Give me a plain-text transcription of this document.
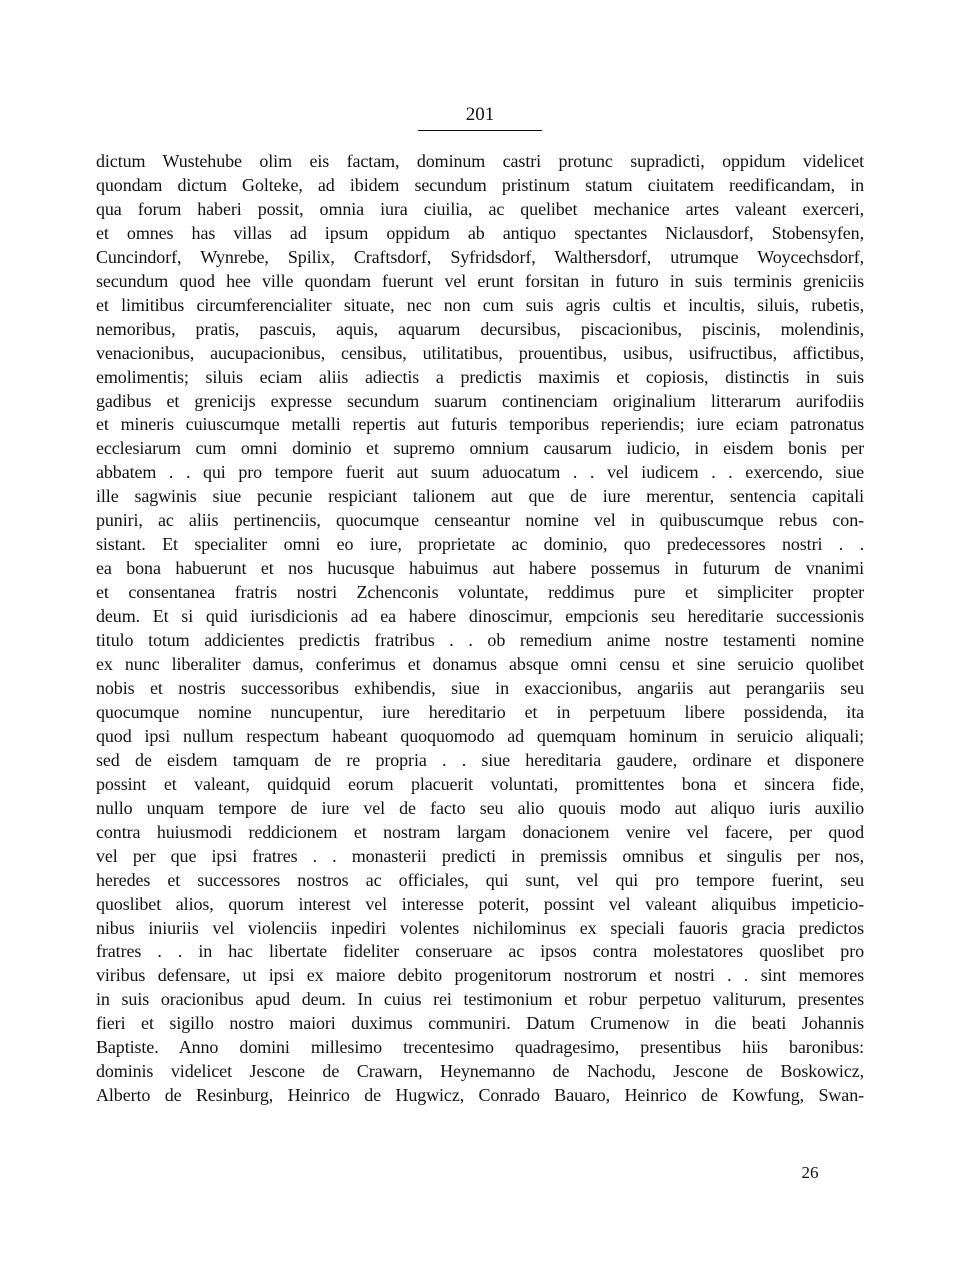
201
dictum Wustehube olim eis factam, dominum castri protunc supradicti, oppidum videlicet
quondam dictum Golteke, ad ibidem secundum pristinum statum ciuitatem reedificandam, in
qua forum haberi possit, omnia iura ciuilia, ac quelibet mechanice artes valeant exerceri,
et omnes has villas ad ipsum oppidum ab antiquo spectantes Niclausdorf, Stobensyfen,
Cuncindorf, Wynrebe, Spilix, Craftsdorf, Syfridsdorf, Walthersdorf, utrumque Woycechsdorf,
secundum quod hee ville quondam fuerunt vel erunt forsitan in futuro in suis terminis greniciis
et limitibus circumferencialiter situate, nec non cum suis agris cultis et incultis, siluis, rubetis,
nemoribus, pratis, pascuis, aquis, aquarum decursibus, piscacionibus, piscinis, molendinis,
venacionibus, aucupacionibus, censibus, utilitatibus, prouentibus, usibus, usifructibus, affictibus,
emolimentis; siluis eciam aliis adiectis a predictis maximis et copiosis, distinctis in suis
gadibus et grenicijs expresse secundum suarum continenciam originalium litterarum aurifodiis
et mineris cuiuscumque metalli repertis aut futuris temporibus reperiendis; iure eciam patronatus
ecclesiarum cum omni dominio et supremo omnium causarum iudicio, in eisdem bonis per
abbatem . . qui pro tempore fuerit aut suum aduocatum . . vel iudicem . . exercendo, siue
ille sagwinis siue pecunie respiciant talionem aut que de iure merentur, sentencia capitali
puniri, ac aliis pertinenciis, quocumque censeantur nomine vel in quibuscumque rebus con-
sistant. Et specialiter omni eo iure, proprietate ac dominio, quo predecessores nostri . .
ea bona habuerunt et nos hucusque habuimus aut habere possemus in futurum de vnanimi
et consentanea fratris nostri Zchenconis voluntate, reddimus pure et simpliciter propter
deum. Et si quid iurisdicionis ad ea habere dinoscimur, empcionis seu hereditarie successionis
titulo totum addicientes predictis fratribus . . ob remedium anime nostre testamenti nomine
ex nunc liberaliter damus, conferimus et donamus absque omni censu et sine seruicio quolibet
nobis et nostris successoribus exhibendis, siue in exaccionibus, angariis aut perangariis seu
quocumque nomine nuncupentur, iure hereditario et in perpetuum libere possidenda, ita
quod ipsi nullum respectum habeant quoquomodo ad quemquam hominum in seruicio aliquali;
sed de eisdem tamquam de re propria . . siue hereditaria gaudere, ordinare et disponere
possint et valeant, quidquid eorum placuerit voluntati, promittentes bona et sincera fide,
nullo unquam tempore de iure vel de facto seu alio quouis modo aut aliquo iuris auxilio
contra huiusmodi reddicionem et nostram largam donacionem venire vel facere, per quod
vel per que ipsi fratres . . monasterii predicti in premissis omnibus et singulis per nos,
heredes et successores nostros ac officiales, qui sunt, vel qui pro tempore fuerint, seu
quoslibet alios, quorum interest vel interesse poterit, possint vel valeant aliquibus impeticio-
nibus iniuriis vel violenciis inpediri volentes nichilominus ex speciali fauoris gracia predictos
fratres . . in hac libertate fideliter conseruare ac ipsos contra molestatores quoslibet pro
viribus defensare, ut ipsi ex maiore debito progenitorum nostrorum et nostri . . sint memores
in suis oracionibus apud deum. In cuius rei testimonium et robur perpetuo valiturum, presentes
fieri et sigillo nostro maiori duximus communiri. Datum Crumenow in die beati Johannis
Baptiste. Anno domini millesimo trecentesimo quadragesimo, presentibus hiis baronibus:
dominis videlicet Jescone de Crawarn, Heynemanno de Nachodu, Jescone de Boskowicz,
Alberto de Resinburg, Heinrico de Hugwicz, Conrado Bauaro, Heinrico de Kowfung, Swan-
26
